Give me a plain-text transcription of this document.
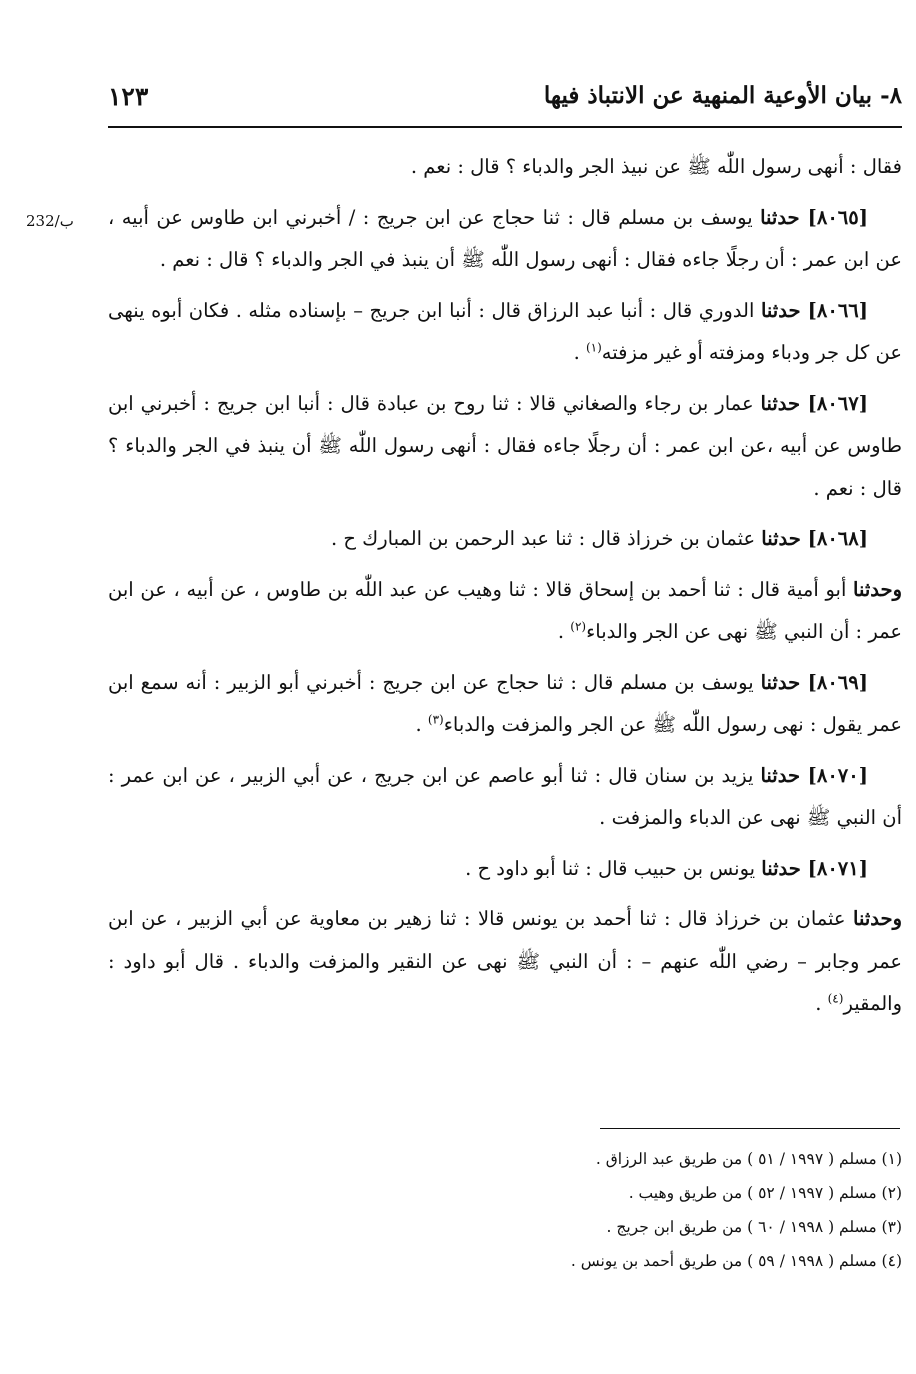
٨- بيان الأوعية المنهية عن الانتباذ فيها
١٢٣
232/ب

فقال : أنهى رسول اللّٰه ﷺ عن نبيذ الجر والدباء ؟ قال : نعم .

[٨٠٦٥] حدثنا يوسف بن مسلم قال : ثنا حجاج عن ابن جريج : / أخبرني ابن طاوس عن أبيه ، عن ابن عمر : أن رجلًا جاءه فقال : أنهى رسول اللّٰه ﷺ أن ينبذ في الجر والدباء ؟ قال : نعم .

[٨٠٦٦] حدثنا الدوري قال : أنبا عبد الرزاق قال : أنبا ابن جريج – بإسناده مثله . فكان أبوه ينهى عن كل جر ودباء ومزفته أو غير مزفته$^{(١)}$ .

[٨٠٦٧] حدثنا عمار بن رجاء والصغاني قالا : ثنا روح بن عبادة قال : أنبا ابن جريج : أخبرني ابن طاوس عن أبيه ،عن ابن عمر : أن رجلًا جاءه فقال : أنهى رسول اللّٰه ﷺ أن ينبذ في الجر والدباء ؟ قال : نعم .

[٨٠٦٨] حدثنا عثمان بن خرزاذ قال : ثنا عبد الرحمن بن المبارك ح .

وحدثنا أبو أمية قال : ثنا أحمد بن إسحاق قالا : ثنا وهيب عن عبد اللّٰه بن طاوس ، عن أبيه ، عن ابن عمر : أن النبي ﷺ نهى عن الجر والدباء$^{(٢)}$ .

[٨٠٦٩] حدثنا يوسف بن مسلم قال : ثنا حجاج عن ابن جريج : أخبرني أبو الزبير : أنه سمع ابن عمر يقول : نهى رسول اللّٰه ﷺ عن الجر والمزفت والدباء$^{(٣)}$ .

[٨٠٧٠] حدثنا يزيد بن سنان قال : ثنا أبو عاصم عن ابن جريج ، عن أبي الزبير ، عن ابن عمر : أن النبي ﷺ نهى عن الدباء والمزفت .

[٨٠٧١] حدثنا يونس بن حبيب قال : ثنا أبو داود ح .

وحدثنا عثمان بن خرزاذ قال : ثنا أحمد بن يونس قالا : ثنا زهير بن معاوية عن أبي الزبير ، عن ابن عمر وجابر – رضي اللّٰه عنهم – : أن النبي ﷺ نهى عن النقير والمزفت والدباء . قال أبو داود : والمقير$^{(٤)}$ .

(١) مسلم ( ١٩٩٧ / ٥١ ) من طريق عبد الرزاق .

(٢) مسلم ( ١٩٩٧ / ٥٢ ) من طريق وهيب .

(٣) مسلم ( ١٩٩٨ / ٦٠ ) من طريق ابن جريج .

(٤) مسلم ( ١٩٩٨ / ٥٩ ) من طريق أحمد بن يونس .
